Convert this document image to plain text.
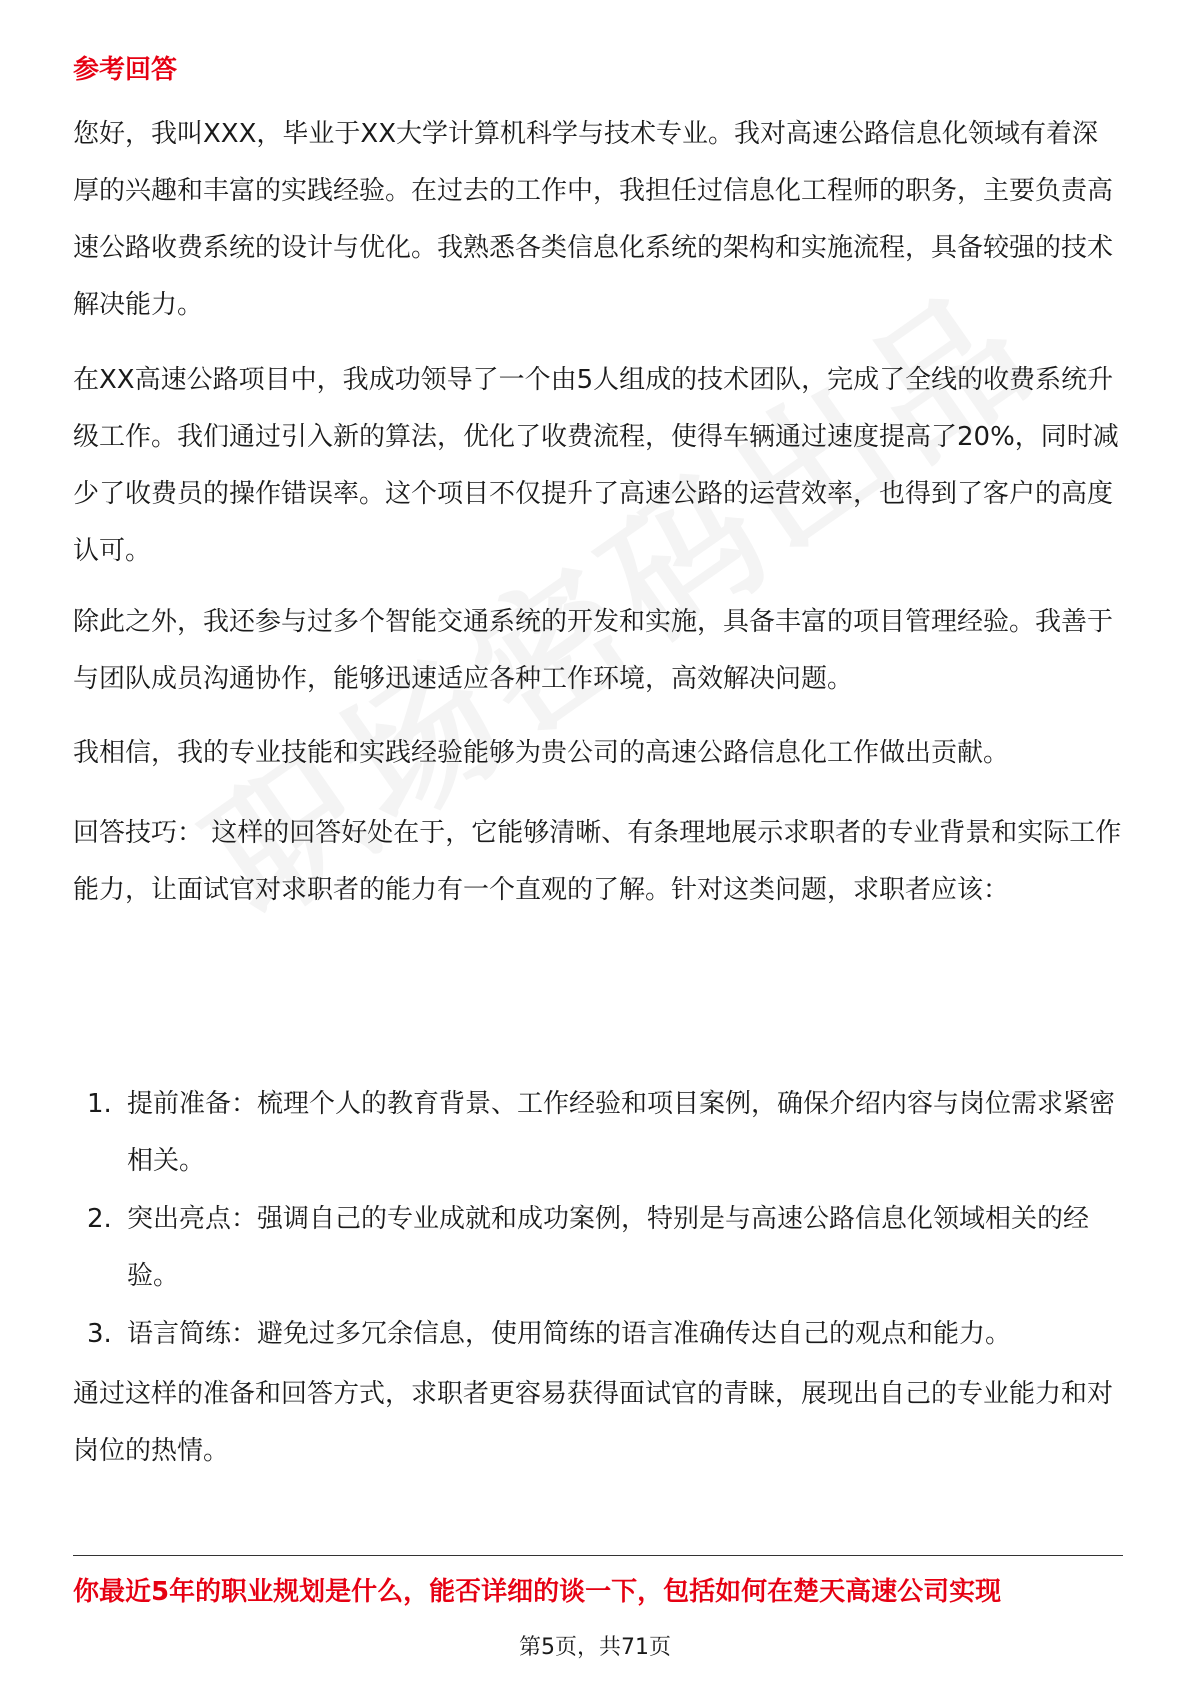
参考回答

您好，我叫XXX，毕业于XX大学计算机科学与技术专业。我对高速公路信息化领域有着深厚的兴趣和丰富的实践经验。在过去的工作中，我担任过信息化工程师的职务，主要负责高速公路收费系统的设计与优化。我熟悉各类信息化系统的架构和实施流程，具备较强的技术解决能力。

在XX高速公路项目中，我成功领导了一个由5人组成的技术团队，完成了全线的收费系统升级工作。我们通过引入新的算法，优化了收费流程，使得车辆通过速度提高了20%，同时减少了收费员的操作错误率。这个项目不仅提升了高速公路的运营效率，也得到了客户的高度认可。

除此之外，我还参与过多个智能交通系统的开发和实施，具备丰富的项目管理经验。我善于与团队成员沟通协作，能够迅速适应各种工作环境，高效解决问题。

我相信，我的专业技能和实践经验能够为贵公司的高速公路信息化工作做出贡献。

回答技巧： 这样的回答好处在于，它能够清晰、有条理地展示求职者的专业背景和实际工作能力，让面试官对求职者的能力有一个直观的了解。针对这类问题，求职者应该：

1. 提前准备：梳理个人的教育背景、工作经验和项目案例，确保介绍内容与岗位需求紧密相关。
2. 突出亮点：强调自己的专业成就和成功案例，特别是与高速公路信息化领域相关的经验。
3. 语言简练：避免过多冗余信息，使用简练的语言准确传达自己的观点和能力。

通过这样的准备和回答方式，求职者更容易获得面试官的青睐，展现出自己的专业能力和对岗位的热情。

你最近5年的职业规划是什么，能否详细的谈一下，包括如何在楚天高速公司实现
第5页，共71页
